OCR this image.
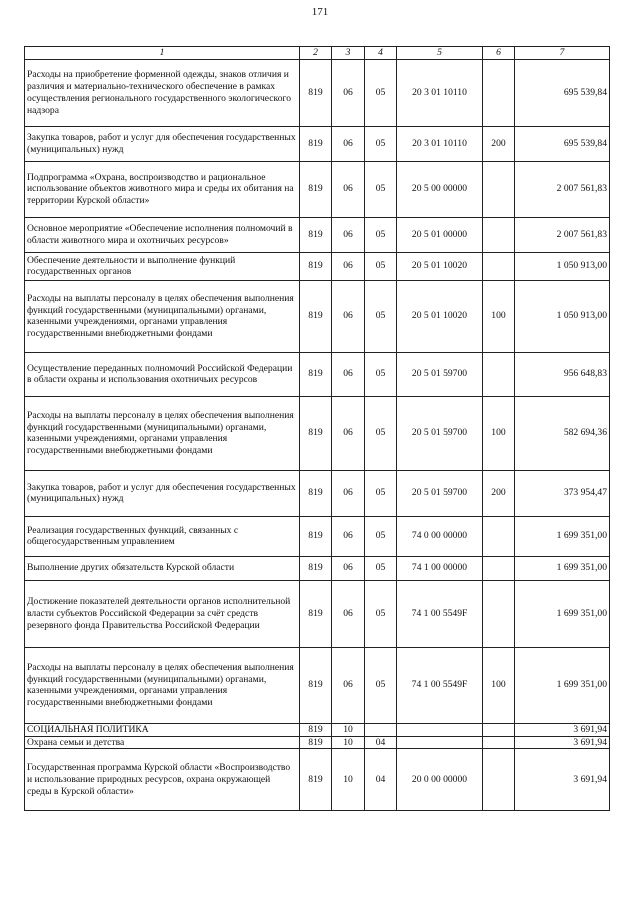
171
1	2	3	4	5	6	7
Расходы на приобретение форменной одежды, знаков отличия и различия и материально-технического обеспечение в рамках осуществления регионального государственного экологического надзора	819	06	05	20 3 01 10110		695 539,84
Закупка товаров, работ и услуг для обеспечения государственных (муниципальных) нужд	819	06	05	20 3 01 10110	200	695 539,84
Подпрограмма «Охрана, воспроизводство и рациональное использование объектов животного мира и среды их обитания на территории Курской области»	819	06	05	20 5 00 00000		2 007 561,83
Основное мероприятие «Обеспечение исполнения полномочий в области животного мира и охотничьих ресурсов»	819	06	05	20 5 01 00000		2 007 561,83
Обеспечение деятельности и выполнение функций государственных органов	819	06	05	20 5 01 10020		1 050 913,00
Расходы на выплаты персоналу в целях обеспечения выполнения функций государственными (муниципальными) органами, казенными учреждениями, органами управления государственными внебюджетными фондами	819	06	05	20 5 01 10020	100	1 050 913,00
Осуществление переданных полномочий Российской Федерации в области охраны и использования охотничьих ресурсов	819	06	05	20 5 01 59700		956 648,83
Расходы на выплаты персоналу в целях обеспечения выполнения функций государственными (муниципальными) органами, казенными учреждениями, органами управления государственными внебюджетными фондами	819	06	05	20 5 01 59700	100	582 694,36
Закупка товаров, работ и услуг для обеспечения государственных (муниципальных) нужд	819	06	05	20 5 01 59700	200	373 954,47
Реализация государственных функций, связанных с общегосударственным управлением	819	06	05	74 0 00 00000		1 699 351,00
Выполнение других обязательств Курской области	819	06	05	74 1 00 00000		1 699 351,00
Достижение показателей деятельности органов исполнительной власти субъектов Российской Федерации за счёт средств резервного фонда Правительства Российской Федерации	819	06	05	74 1 00 5549F		1 699 351,00
Расходы на выплаты персоналу в целях обеспечения выполнения функций государственными (муниципальными) органами, казенными учреждениями, органами управления государственными внебюджетными фондами	819	06	05	74 1 00 5549F	100	1 699 351,00
СОЦИАЛЬНАЯ ПОЛИТИКА	819	10				3 691,94
Охрана семьи и детства	819	10	04			3 691,94
Государственная программа Курской области «Воспроизводство и использование природных ресурсов, охрана окружающей среды в Курской области»	819	10	04	20 0 00 00000		3 691,94
